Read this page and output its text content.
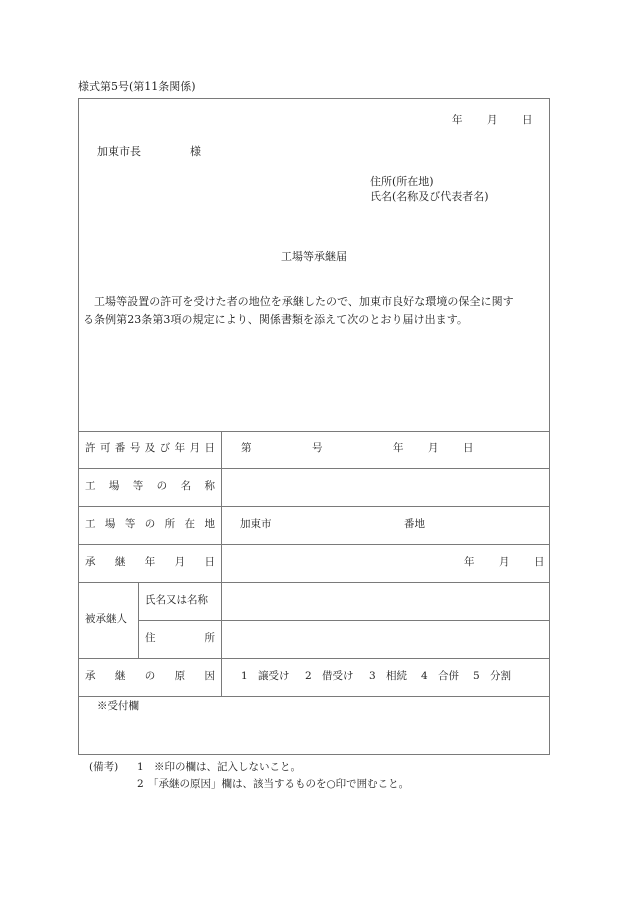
様式第5号(第11条関係)
年 月 日
加東市長	様
住所(所在地)
氏名(名称及び代表者名)
工場等承継届
工場等設置の許可を受けた者の地位を承継したので、加東市良好な環境の保全に関す
る条例第23条第3項の規定により、関係書類を添えて次のとおり届け出ます。
許 可 番 号 及 び 年 月 日 第	号	年 月 日
工 場 等 の 名 称
工 場 等 の 所 在 地 加東市	番地
承 継 年 月 日	年 月 日
被承継人
氏名又は名称
住	所
承 継 の 原 因 1 譲受け 2 借受け 3 相続 4 合併 5 分割
※受付欄
(備考) 1 ※印の欄は、記入しないこと。
2 「承継の原因」欄は、該当するものを○印で囲むこと。
